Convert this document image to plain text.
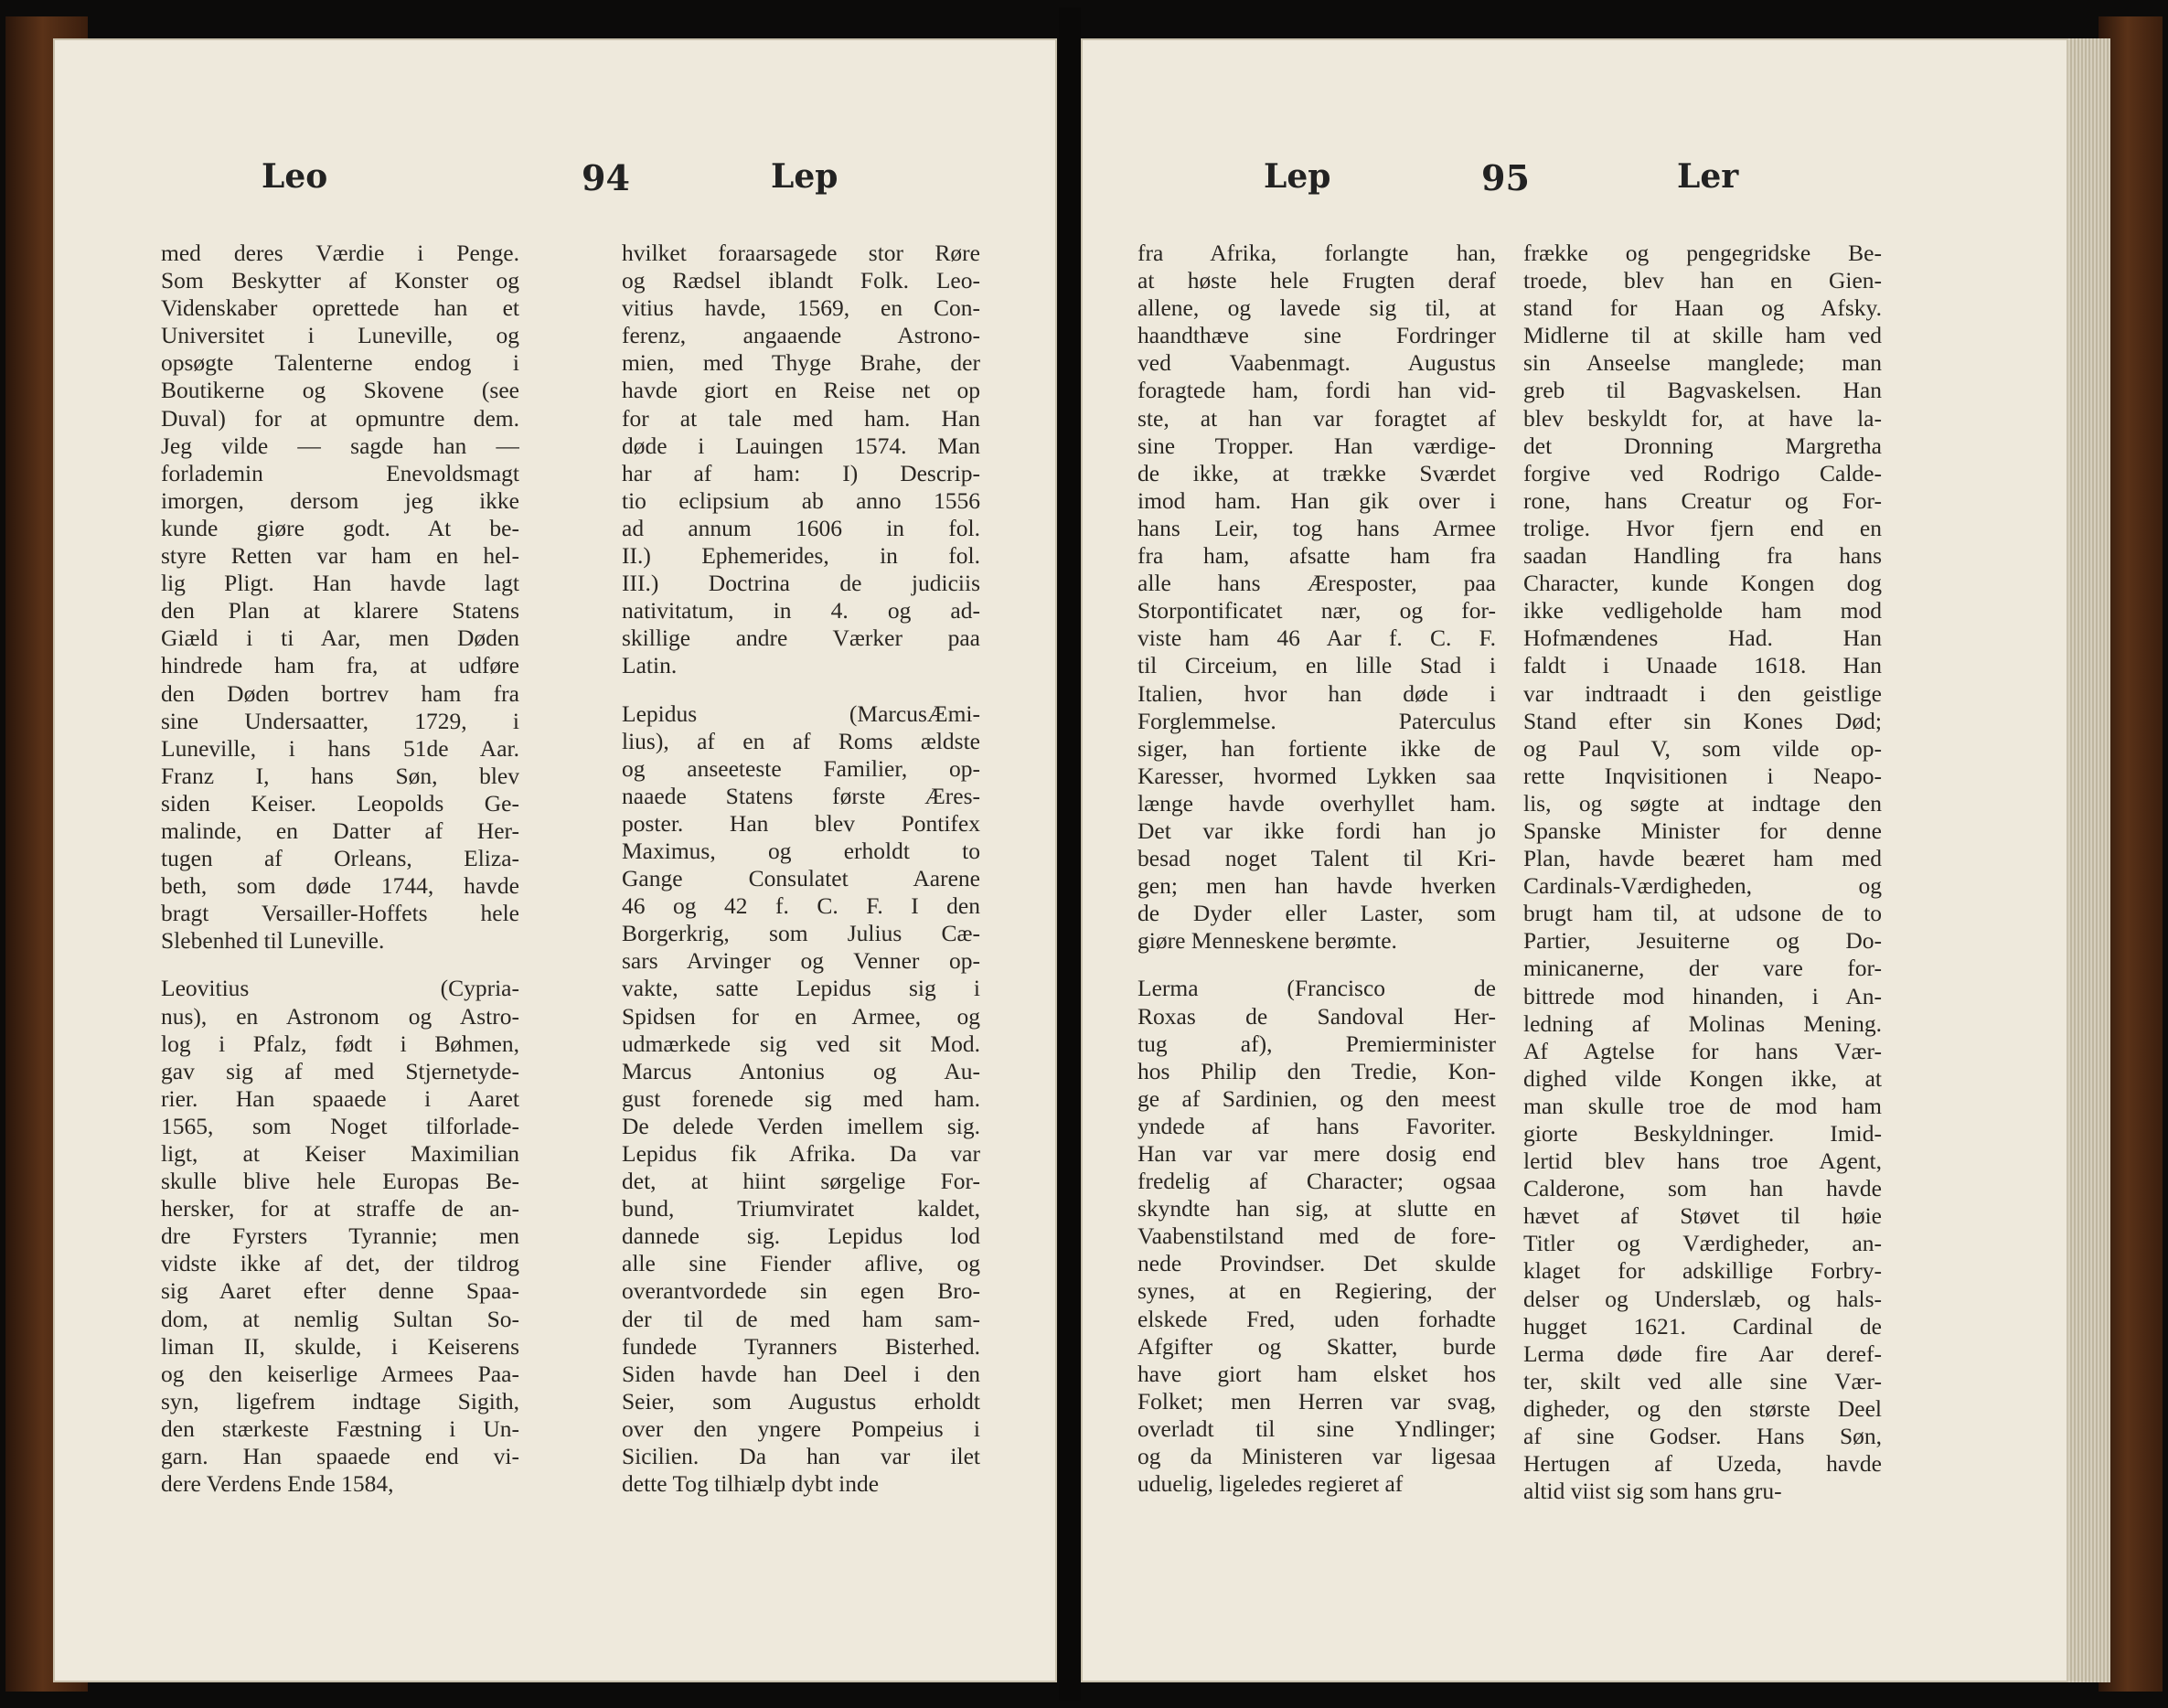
Leo	94	Lep
med deres Værdie i Penge.
Som Beskytter af Konster og
Videnskaber oprettede han et
Universitet i Luneville, og
opsøgte Talenterne endog i
Boutikerne og Skovene (see
Duval) for at opmuntre dem.
Jeg vilde — sagde han —
forlademin Enevoldsmagt
imorgen, dersom jeg ikke
kunde giøre godt. At be-
styre Retten var ham en hel-
lig Pligt. Han havde lagt
den Plan at klarere Statens
Giæld i ti Aar, men Døden
hindrede ham fra, at udføre
den Døden bortrev ham fra
sine Undersaatter, 1729, i
Luneville, i hans 51de Aar.
Franz I, hans Søn, blev
siden Keiser. Leopolds Ge-
malinde, en Datter af Her-
tugen af Orleans, Eliza-
beth, som døde 1744, havde
bragt Versailler-Hoffets hele
Slebenhed til Luneville.
Leovitius (Cypria-
nus), en Astronom og Astro-
log i Pfalz, født i Bøhmen,
gav sig af med Stjernetyde-
rier. Han spaaede i Aaret
1565, som Noget tilforlade-
ligt, at Keiser Maximilian
skulle blive hele Europas Be-
hersker, for at straffe de an-
dre Fyrsters Tyrannie; men
vidste ikke af det, der tildrog
sig Aaret efter denne Spaa-
dom, at nemlig Sultan So-
liman II, skulde, i Keiserens
og den keiserlige Armees Paa-
syn, ligefrem indtage Sigith,
den stærkeste Fæstning i Un-
garn. Han spaaede end vi-
dere Verdens Ende 1584,
hvilket foraarsagede stor Røre
og Rædsel iblandt Folk. Leo-
vitius havde, 1569, en Con-
ferenz, angaaende Astrono-
mien, med Thyge Brahe, der
havde giort en Reise net op
for at tale med ham. Han
døde i Lauingen 1574. Man
har af ham: I) Descrip-
tio eclipsium ab anno 1556
ad annum 1606 in fol.
II.) Ephemerides, in fol.
III.) Doctrina de judiciis
nativitatum, in 4. og ad-
skillige andre Værker paa
Latin.
Lepidus (MarcusÆmi-
lius), af en af Roms ældste
og anseeteste Familier, op-
naaede Statens første Æres-
poster. Han blev Pontifex
Maximus, og erholdt to
Gange Consulatet Aarene
46 og 42 f. C. F. I den
Borgerkrig, som Julius Cæ-
sars Arvinger og Venner op-
vakte, satte Lepidus sig i
Spidsen for en Armee, og
udmærkede sig ved sit Mod.
Marcus Antonius og Au-
gust forenede sig med ham.
De delede Verden imellem sig.
Lepidus fik Afrika. Da var
det, at hiint sørgelige For-
bund, Triumviratet kaldet,
dannede sig. Lepidus lod
alle sine Fiender aflive, og
overantvordede sin egen Bro-
der til de med ham sam-
fundede Tyranners Bisterhed.
Siden havde han Deel i den
Seier, som Augustus erholdt
over den yngere Pompeius i
Sicilien. Da han var ilet
dette Tog tilhiælp dybt inde
Lep	95	Ler
fra Afrika, forlangte han,
at høste hele Frugten deraf
allene, og lavede sig til, at
haandthæve sine Fordringer
ved Vaabenmagt. Augustus
foragtede ham, fordi han vid-
ste, at han var foragtet af
sine Tropper. Han værdige-
de ikke, at trække Sværdet
imod ham. Han gik over i
hans Leir, tog hans Armee
fra ham, afsatte ham fra
alle hans Æresposter, paa
Storpontificatet nær, og for-
viste ham 46 Aar f. C. F.
til Circeium, en lille Stad i
Italien, hvor han døde i
Forglemmelse. Paterculus
siger, han fortiente ikke de
Karesser, hvormed Lykken saa
længe havde overhyllet ham.
Det var ikke fordi han jo
besad noget Talent til Kri-
gen; men han havde hverken
de Dyder eller Laster, som
giøre Menneskene berømte.
Lerma (Francisco de
Roxas de Sandoval Her-
tug af), Premierminister
hos Philip den Tredie, Kon-
ge af Sardinien, og den meest
yndede af hans Favoriter.
Han var var mere dosig end
fredelig af Character; ogsaa
skyndte han sig, at slutte en
Vaabenstilstand med de fore-
nede Provindser. Det skulde
synes, at en Regiering, der
elskede Fred, uden forhadte
Afgifter og Skatter, burde
have giort ham elsket hos
Folket; men Herren var svag,
overladt til sine Yndlinger;
og da Ministeren var ligesaa
uduelig, ligeledes regieret af
frække og pengegridske Be-
troede, blev han en Gien-
stand for Haan og Afsky.
Midlerne til at skille ham ved
sin Anseelse manglede; man
greb til Bagvaskelsen. Han
blev beskyldt for, at have la-
det Dronning Margretha
forgive ved Rodrigo Calde-
rone, hans Creatur og For-
trolige. Hvor fjern end en
saadan Handling fra hans
Character, kunde Kongen dog
ikke vedligeholde ham mod
Hofmændenes Had. Han
faldt i Unaade 1618. Han
var indtraadt i den geistlige
Stand efter sin Kones Død;
og Paul V, som vilde op-
rette Inqvisitionen i Neapo-
lis, og søgte at indtage den
Spanske Minister for denne
Plan, havde beæret ham med
Cardinals-Værdigheden, og
brugt ham til, at udsone de to
Partier, Jesuiterne og Do-
minicanerne, der vare for-
bittrede mod hinanden, i An-
ledning af Molinas Mening.
Af Agtelse for hans Vær-
dighed vilde Kongen ikke, at
man skulle troe de mod ham
giorte Beskyldninger. Imid-
lertid blev hans troe Agent,
Calderone, som han havde
hævet af Støvet til høie
Titler og Værdigheder, an-
klaget for adskillige Forbry-
delser og Underslæb, og hals-
hugget 1621. Cardinal de
Lerma døde fire Aar deref-
ter, skilt ved alle sine Vær-
digheder, og den største Deel
af sine Godser. Hans Søn,
Hertugen af Uzeda, havde
altid viist sig som hans gru-
